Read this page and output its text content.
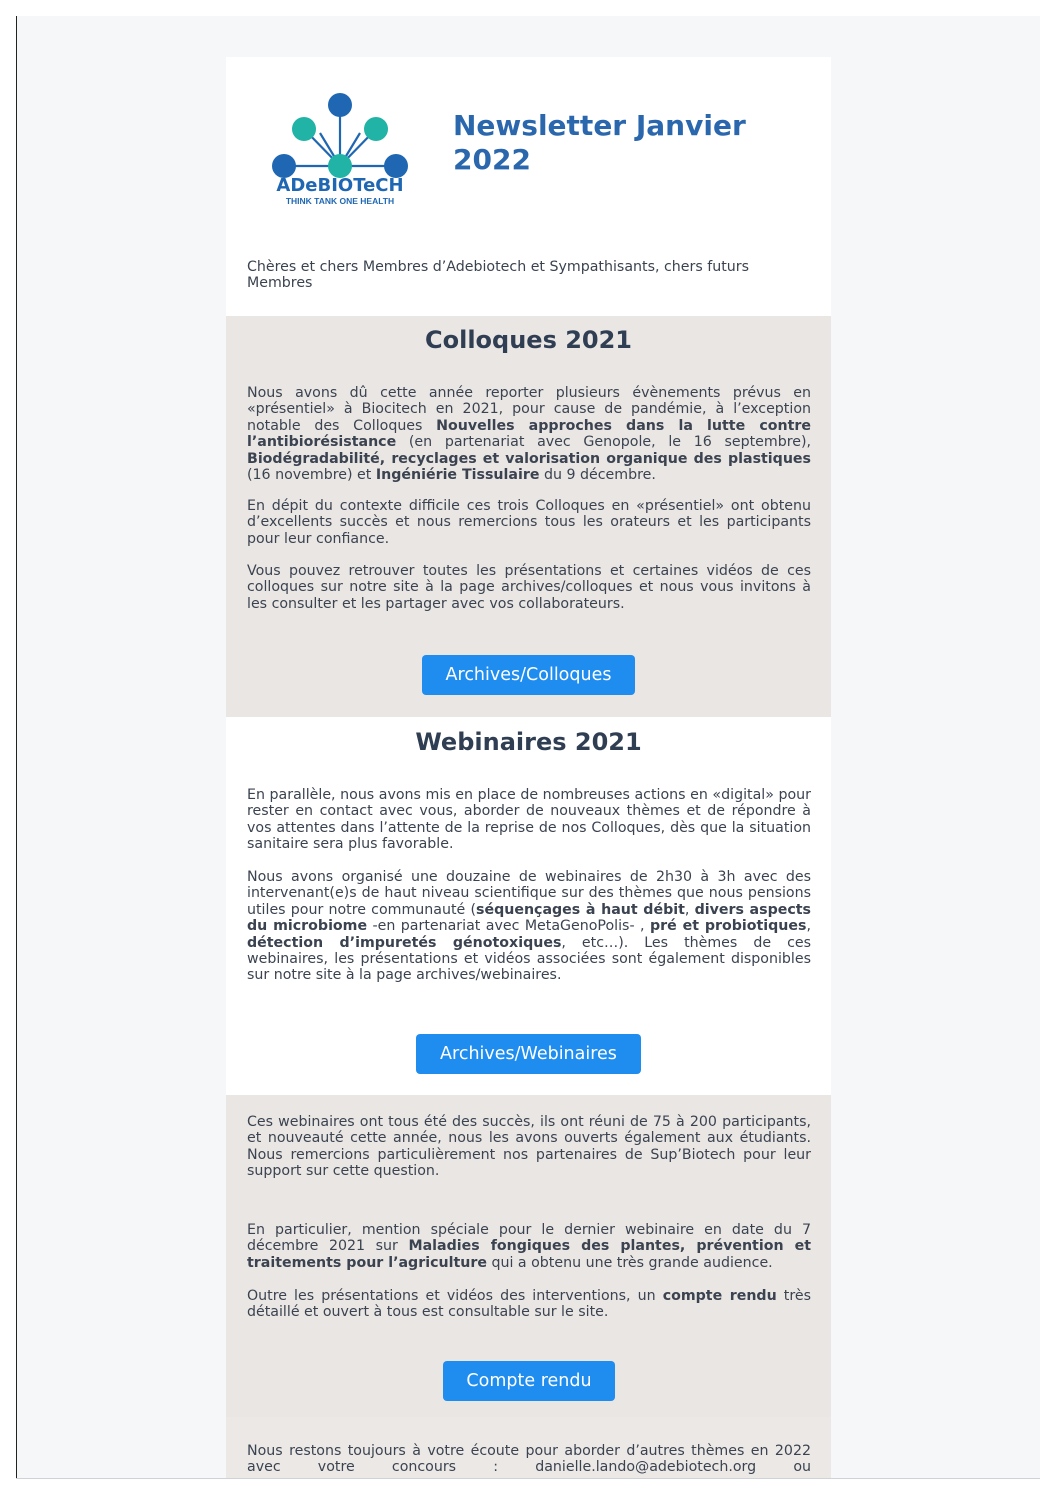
THINK TANK ONE HEALTH
ADeBIOTeCH
Newsletter Janvier 2022

Chères et chers Membres d’Adebiotech et Sympathisants, chers futurs Membres

Colloques 2021

Nous avons dû cette année reporter plusieurs évènements prévus en «présentiel» à Biocitech en 2021, pour cause de pandémie, à l’exception notable des Colloques Nouvelles approches dans la lutte contre l’antibiorésistance (en partenariat avec Genopole, le 16 septembre), Biodégradabilité, recyclages et valorisation organique des plastiques (16 novembre) et Ingéniérie Tissulaire du 9 décembre.

En dépit du contexte difficile ces trois Colloques en «présentiel» ont obtenu d’excellents succès et nous remercions tous les orateurs et les participants pour leur confiance.

Vous pouvez retrouver toutes les présentations et certaines vidéos de ces colloques sur notre site à la page archives/colloques et nous vous invitons à les consulter et les partager avec vos collaborateurs.

Archives/Colloques
Webinaires 2021

En parallèle, nous avons mis en place de nombreuses actions en «digital» pour rester en contact avec vous, aborder de nouveaux thèmes et de répondre à vos attentes dans l’attente de la reprise de nos Colloques, dès que la situation sanitaire sera plus favorable.

Nous avons organisé une douzaine de webinaires de 2h30 à 3h avec des intervenant(e)s de haut niveau scientifique sur des thèmes que nous pensions utiles pour notre communauté (séquençages à haut débit, divers aspects du microbiome -en partenariat avec MetaGenoPolis- , pré et probiotiques, détection d’impuretés génotoxiques, etc…). Les thèmes de ces webinaires, les présentations et vidéos associées sont également disponibles sur notre site à la page archives/webinaires.

Archives/Webinaires

Ces webinaires ont tous été des succès, ils ont réuni de 75 à 200 participants, et nouveauté cette année, nous les avons ouverts également aux étudiants. Nous remercions particulièrement nos partenaires de Sup’Biotech pour leur support sur cette question.

En particulier, mention spéciale pour le dernier webinaire en date du 7 décembre 2021 sur Maladies fongiques des plantes, prévention et traitements pour l’agriculture qui a obtenu une très grande audience.

Outre les présentations et vidéos des interventions, un compte rendu très détaillé et ouvert à tous est consultable sur le site.

Compte rendu

Nous restons toujours à votre écoute pour aborder d’autres thèmes en 2022 avec votre concours : danielle.lando@adebiotech.org ou
